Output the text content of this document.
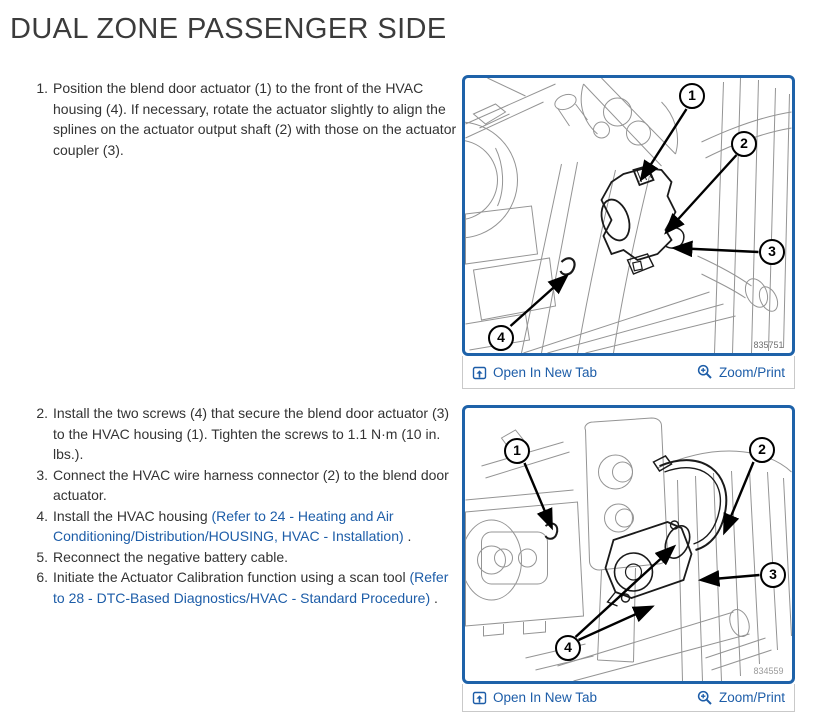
DUAL ZONE PASSENGER SIDE
1. Position the blend door actuator (1) to the front of the HVAC housing (4). If necessary, rotate the actuator slightly to align the splines on the actuator output shaft (2) with those on the actuator coupler (3).
835751
1
2
3
4
Open In New Tab	Zoom/Print
2. Install the two screws (4) that secure the blend door actuator (3) to the HVAC housing (1). Tighten the screws to 1.1 N·m (10 in. lbs.).
3. Connect the HVAC wire harness connector (2) to the blend door actuator.
4. Install the HVAC housing (Refer to 24 - Heating and Air Conditioning/Distribution/HOUSING, HVAC - Installation) .
5. Reconnect the negative battery cable.
6. Initiate the Actuator Calibration function using a scan tool (Refer to 28 - DTC-Based Diagnostics/HVAC - Standard Procedure) .
834559
1	2
3
4
Open In New Tab	Zoom/Print
